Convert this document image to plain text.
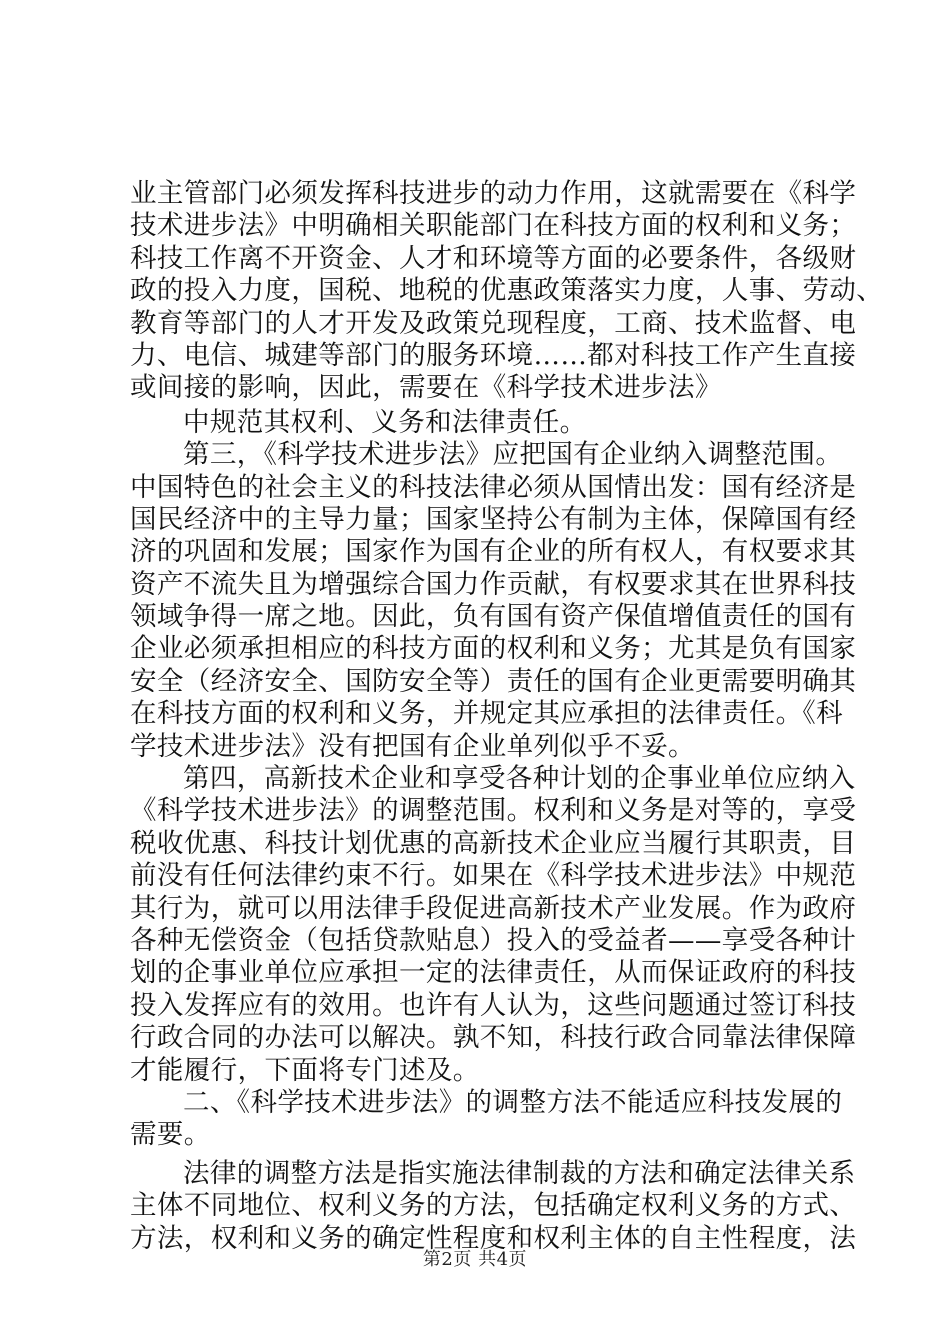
业主管部门必须发挥科技进步的动力作用，这就需要在《科学
技术进步法》中明确相关职能部门在科技方面的权利和义务；
科技工作离不开资金、人才和环境等方面的必要条件，各级财
政的投入力度，国税、地税的优惠政策落实力度，人事、劳动、
教育等部门的人才开发及政策兑现程度，工商、技术监督、电
力、电信、城建等部门的服务环境……都对科技工作产生直接
或间接的影响，因此，需要在《科学技术进步法》
中规范其权利、义务和法律责任。
第三，《科学技术进步法》应把国有企业纳入调整范围。
中国特色的社会主义的科技法律必须从国情出发：国有经济是
国民经济中的主导力量；国家坚持公有制为主体，保障国有经
济的巩固和发展；国家作为国有企业的所有权人，有权要求其
资产不流失且为增强综合国力作贡献，有权要求其在世界科技
领域争得一席之地。因此，负有国有资产保值增值责任的国有
企业必须承担相应的科技方面的权利和义务；尤其是负有国家
安全（经济安全、国防安全等）责任的国有企业更需要明确其
在科技方面的权利和义务，并规定其应承担的法律责任。《科
学技术进步法》没有把国有企业单列似乎不妥。
第四，高新技术企业和享受各种计划的企事业单位应纳入
《科学技术进步法》的调整范围。权利和义务是对等的，享受
税收优惠、科技计划优惠的高新技术企业应当履行其职责，目
前没有任何法律约束不行。如果在《科学技术进步法》中规范
其行为，就可以用法律手段促进高新技术产业发展。作为政府
各种无偿资金（包括贷款贴息）投入的受益者——享受各种计
划的企事业单位应承担一定的法律责任，从而保证政府的科技
投入发挥应有的效用。也许有人认为，这些问题通过签订科技
行政合同的办法可以解决。孰不知，科技行政合同靠法律保障
才能履行，下面将专门述及。
二、《科学技术进步法》的调整方法不能适应科技发展的
需要。
法律的调整方法是指实施法律制裁的方法和确定法律关系
主体不同地位、权利义务的方法，包括确定权利义务的方式、
方法，权利和义务的确定性程度和权利主体的自主性程度，法
第2页 共4页
